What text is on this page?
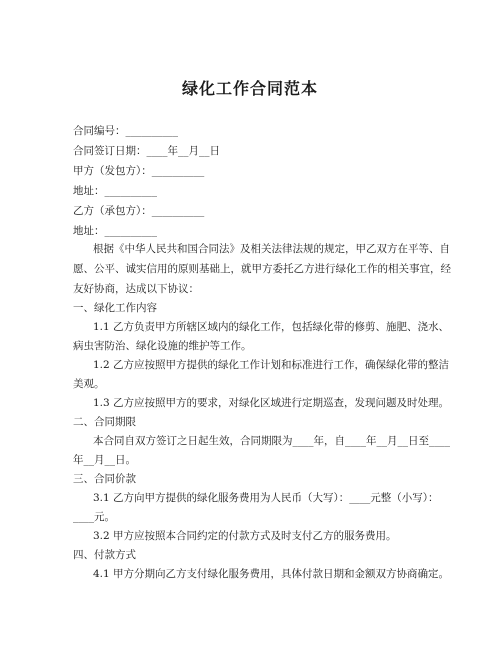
绿化工作合同范本
合同编号：__________
合同签订日期：____年__月__日
甲方（发包方）：__________
地址：__________
乙方（承包方）：__________
地址：__________
根据《中华人民共和国合同法》及相关法律法规的规定，甲乙双方在平等、自
愿、公平、诚实信用的原则基础上，就甲方委托乙方进行绿化工作的相关事宜，经
友好协商，达成以下协议：
一、绿化工作内容
1.1 乙方负责甲方所辖区域内的绿化工作，包括绿化带的修剪、施肥、浇水、
病虫害防治、绿化设施的维护等工作。
1.2 乙方应按照甲方提供的绿化工作计划和标准进行工作，确保绿化带的整洁
美观。
1.3 乙方应按照甲方的要求，对绿化区域进行定期巡查，发现问题及时处理。
二、合同期限
本合同自双方签订之日起生效，合同期限为____年，自____年__月__日至____
年__月__日。
三、合同价款
3.1 乙方向甲方提供的绿化服务费用为人民币（大写）：____元整（小写）：
____元。
3.2 甲方应按照本合同约定的付款方式及时支付乙方的服务费用。
四、付款方式
4.1 甲方分期向乙方支付绿化服务费用，具体付款日期和金额双方协商确定。
